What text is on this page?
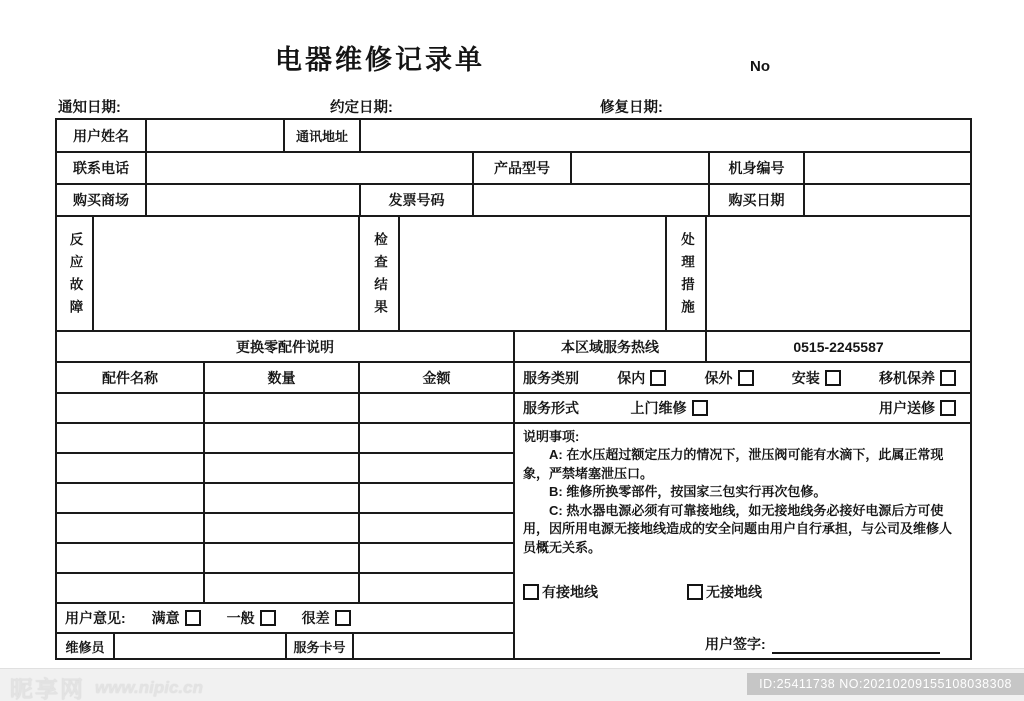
电器维修记录单	No
通知日期:	约定日期:	修复日期:
用户姓名	通讯地址
联系电话	产品型号	机身编号
购买商场	发票号码	购买日期
反应故障	检查结果	处理措施
更换零配件说明	本区域服务热线	0515-2245587
配件名称	数量	金额	服务类别	保内	保外	安装	移机保养
服务形式	上门维修	用户送修

说明事项:

A: 在水压超过额定压力的情况下，泄压阀可能有水滴下，此属正常现象，严禁堵塞泄压口。

B: 维修所换零部件，按国家三包实行再次包修。

C: 热水器电源必须有可靠接地线，如无接地线务必接好电源后方可使用，因所用电源无接地线造成的安全问题由用户自行承担，与公司及维修人员概无关系。

有接地线	无接地线
用户签字:
用户意见: 满意	一般	很差
维修员	服务卡号
昵享网 www.nipic.cn	ID:25411738 NO:20210209155108038308
